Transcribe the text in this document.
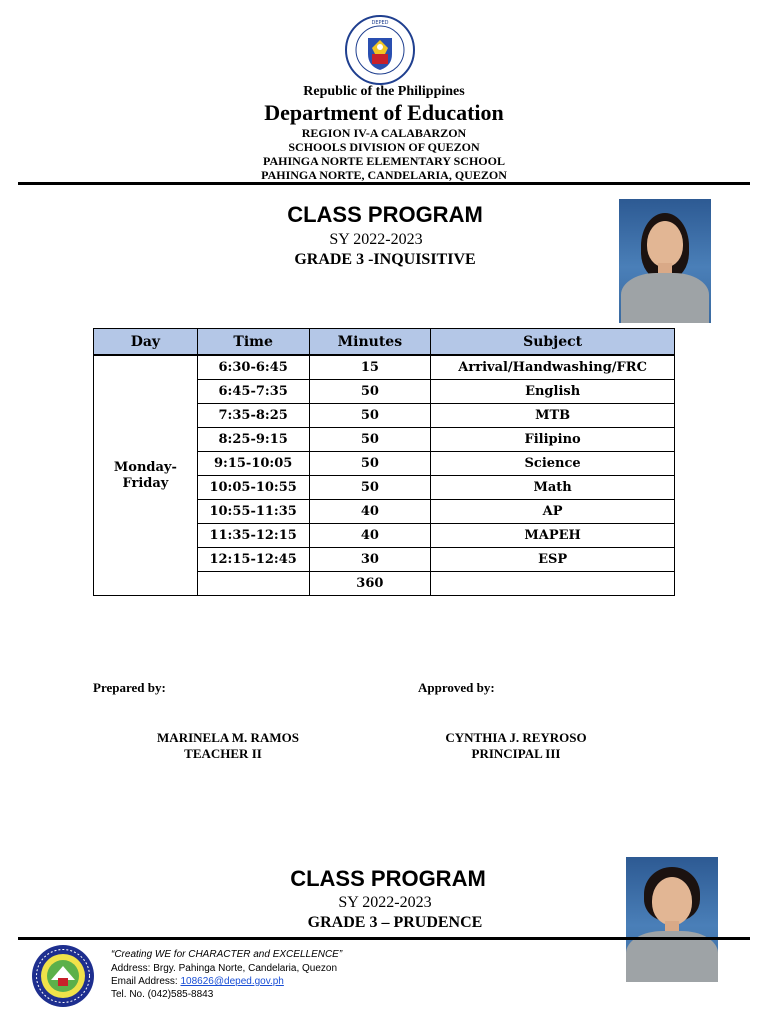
DEPED
Republic of the Philippines
Department of Education
REGION IV-A CALABARZON
SCHOOLS DIVISION OF QUEZON
PAHINGA NORTE ELEMENTARY SCHOOL
PAHINGA NORTE, CANDELARIA, QUEZON
CLASS PROGRAM
SY 2022-2023
GRADE 3 -INQUISITIVE
Day	Time	Minutes	Subject
Monday-
Friday	6:30-6:45	15	Arrival/Handwashing/FRC
	6:45-7:35	50	English
	7:35-8:25	50	MTB
	8:25-9:15	50	Filipino
	9:15-10:05	50	Science
	10:05-10:55	50	Math
	10:55-11:35	40	AP
	11:35-12:15	40	MAPEH
	12:15-12:45	30	ESP
		360	
Prepared by:	Approved by:
MARINELA M. RAMOS
TEACHER II
CYNTHIA J. REYROSO
PRINCIPAL III
CLASS PROGRAM
SY 2022-2023
GRADE 3 – PRUDENCE
“Creating WE for CHARACTER and EXCELLENCE”
Address: Brgy. Pahinga Norte, Candelaria, Quezon
Email Address: 108626@deped.gov.ph
Tel. No. (042)585-8843
